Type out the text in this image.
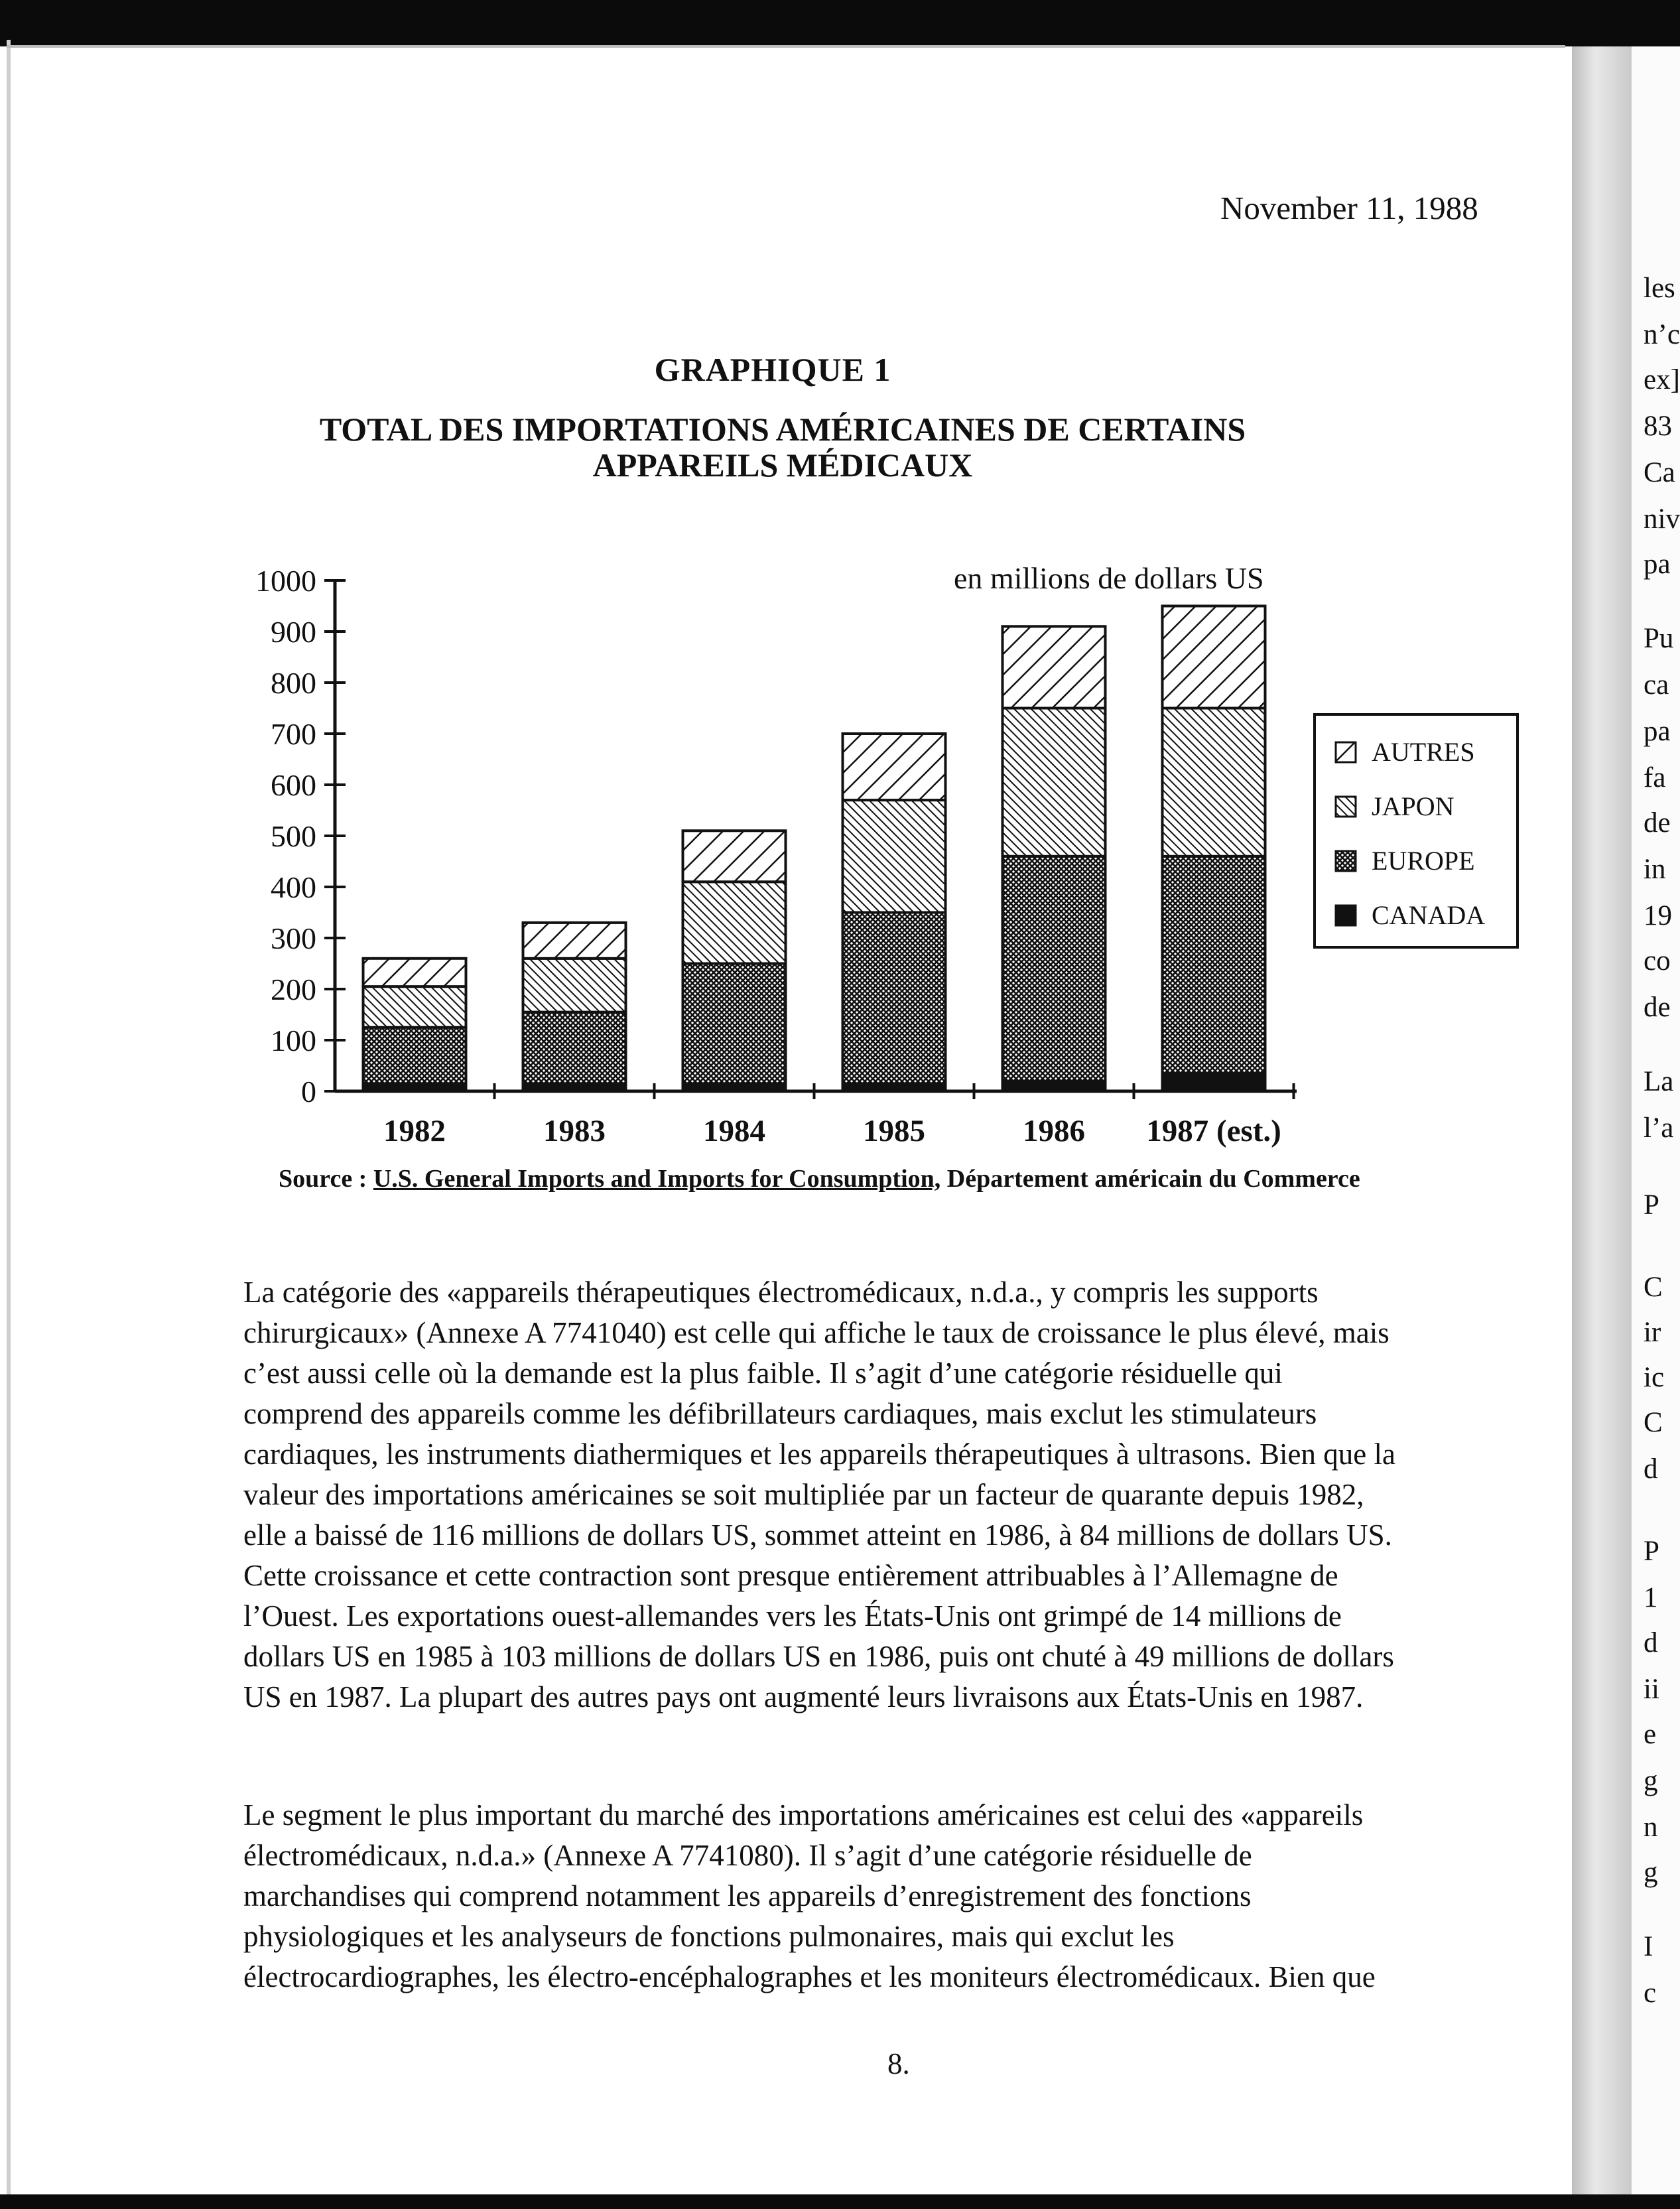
November 11, 1988
GRAPHIQUE 1
TOTAL DES IMPORTATIONS AMÉRICAINES DE CERTAINS
APPAREILS MÉDICAUX
0
100
200
300
400
500
600
700
800
900
1000
1982	1983	1984	1985	1986 1987 (est.)
en millions de dollars US
AUTRES
JAPON
EUROPE
CANADA
Source : U.S. General Imports and Imports for Consumption, Département américain du Commerce
La catégorie des «appareils thérapeutiques électromédicaux, n.d.a., y compris les supports
chirurgicaux» (Annexe A 7741040) est celle qui affiche le taux de croissance le plus élevé, mais
c’est aussi celle où la demande est la plus faible. Il s’agit d’une catégorie résiduelle qui
comprend des appareils comme les défibrillateurs cardiaques, mais exclut les stimulateurs
cardiaques, les instruments diathermiques et les appareils thérapeutiques à ultrasons. Bien que la
valeur des importations américaines se soit multipliée par un facteur de quarante depuis 1982,
elle a baissé de 116 millions de dollars US, sommet atteint en 1986, à 84 millions de dollars US.
Cette croissance et cette contraction sont presque entièrement attribuables à l’Allemagne de
l’Ouest. Les exportations ouest-allemandes vers les États-Unis ont grimpé de 14 millions de
dollars US en 1985 à 103 millions de dollars US en 1986, puis ont chuté à 49 millions de dollars
US en 1987. La plupart des autres pays ont augmenté leurs livraisons aux États-Unis en 1987.
Le segment le plus important du marché des importations américaines est celui des «appareils
électromédicaux, n.d.a.» (Annexe A 7741080). Il s’agit d’une catégorie résiduelle de
marchandises qui comprend notamment les appareils d’enregistrement des fonctions
physiologiques et les analyseurs de fonctions pulmonaires, mais qui exclut les
électrocardiographes, les électro-encéphalographes et les moniteurs électromédicaux. Bien que
8.
les
n’c
ex]
83
Ca
niv
pa
Pu
ca
pa
fa
de
in
19
co
de
La
l’a
P
C
ir
ic
C
d
P
1
d
ii
e
g
n
g
I
c
